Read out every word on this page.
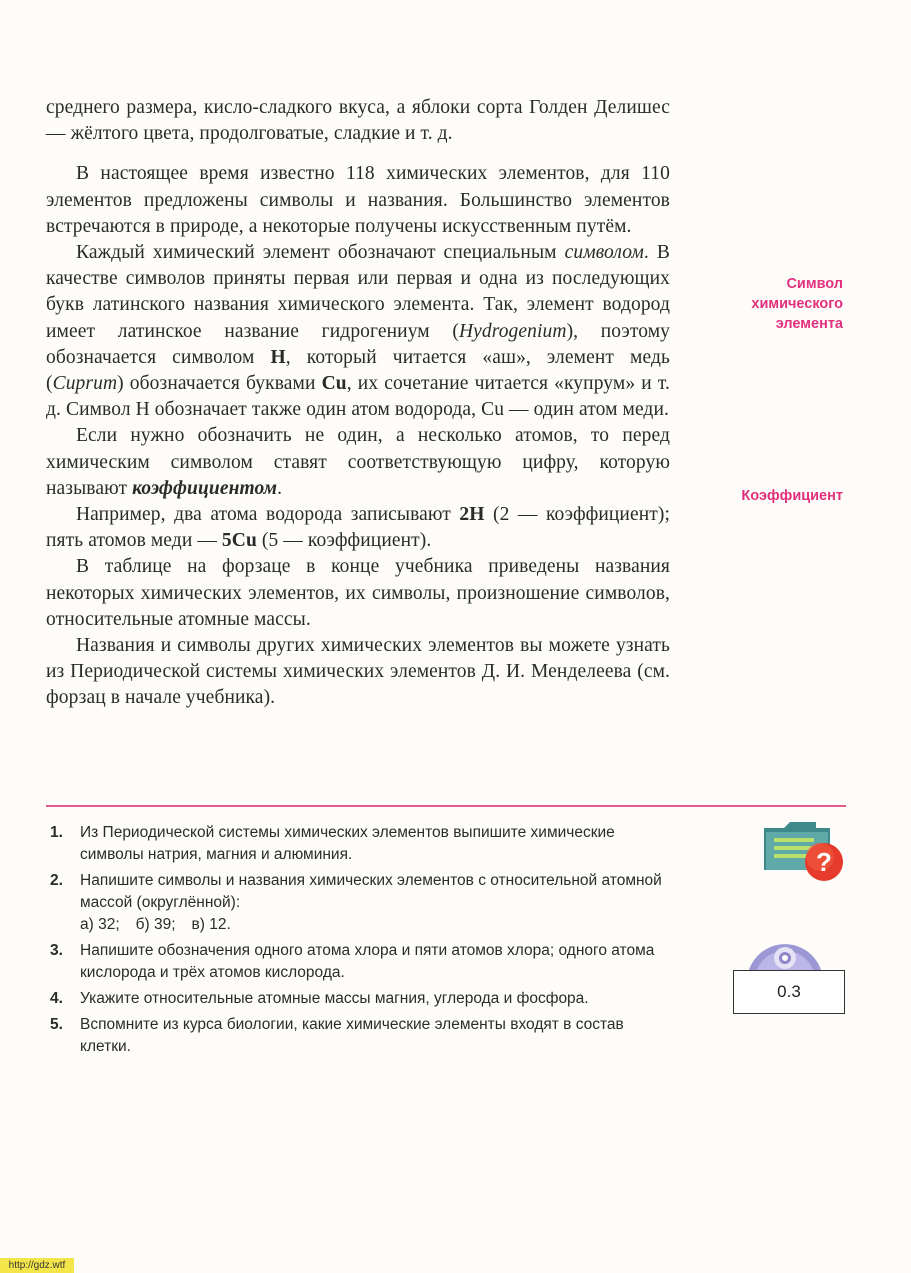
среднего размера, кисло-сладкого вкуса, а яблоки сорта Голден Делишес — жёлтого цвета, продолговатые, сладкие и т. д.

В настоящее время известно 118 химических элементов, для 110 элементов предложены символы и названия. Большинство элементов встречаются в природе, а некоторые получены искусственным путём.

Каждый химический элемент обозначают специальным символом. В качестве символов приняты первая или первая и одна из последующих букв латинского названия химического элемента. Так, элемент водород имеет латинское название гидрогениум (Hydrogenium), поэтому обозначается символом H, который читается «аш», элемент медь (Cuprum) обозначается буквами Cu, их сочетание читается «купрум» и т. д. Символ H обозначает также один атом водорода, Cu — один атом меди.

Если нужно обозначить не один, а несколько атомов, то перед химическим символом ставят соответствующую цифру, которую называют коэффициентом.

Например, два атома водорода записывают 2H (2 — коэффициент); пять атомов меди — 5Cu (5 — коэффициент).

В таблице на форзаце в конце учебника приведены названия некоторых химических элементов, их символы, произношение символов, относительные атомные массы.

Названия и символы других химических элементов вы можете узнать из Периодической системы химических элементов Д. И. Менделеева (см. форзац в начале учебника).

Символ
химического
элемента
Коэффициент
1. Из Периодической системы химических элементов выпишите химические символы натрия, магния и алюминия.
2. Напишите символы и названия химических элементов с относительной атомной массой (округлённой):
а) 32; б) 39; в) 12.
3. Напишите обозначения одного атома хлора и пяти атомов хлора; одного атома кислорода и трёх атомов кислорода.
4. Укажите относительные атомные массы магния, углерода и фосфора.
5. Вспомните из курса биологии, какие химические элементы входят в состав клетки.
?
0.3
http://gdz.wtf
